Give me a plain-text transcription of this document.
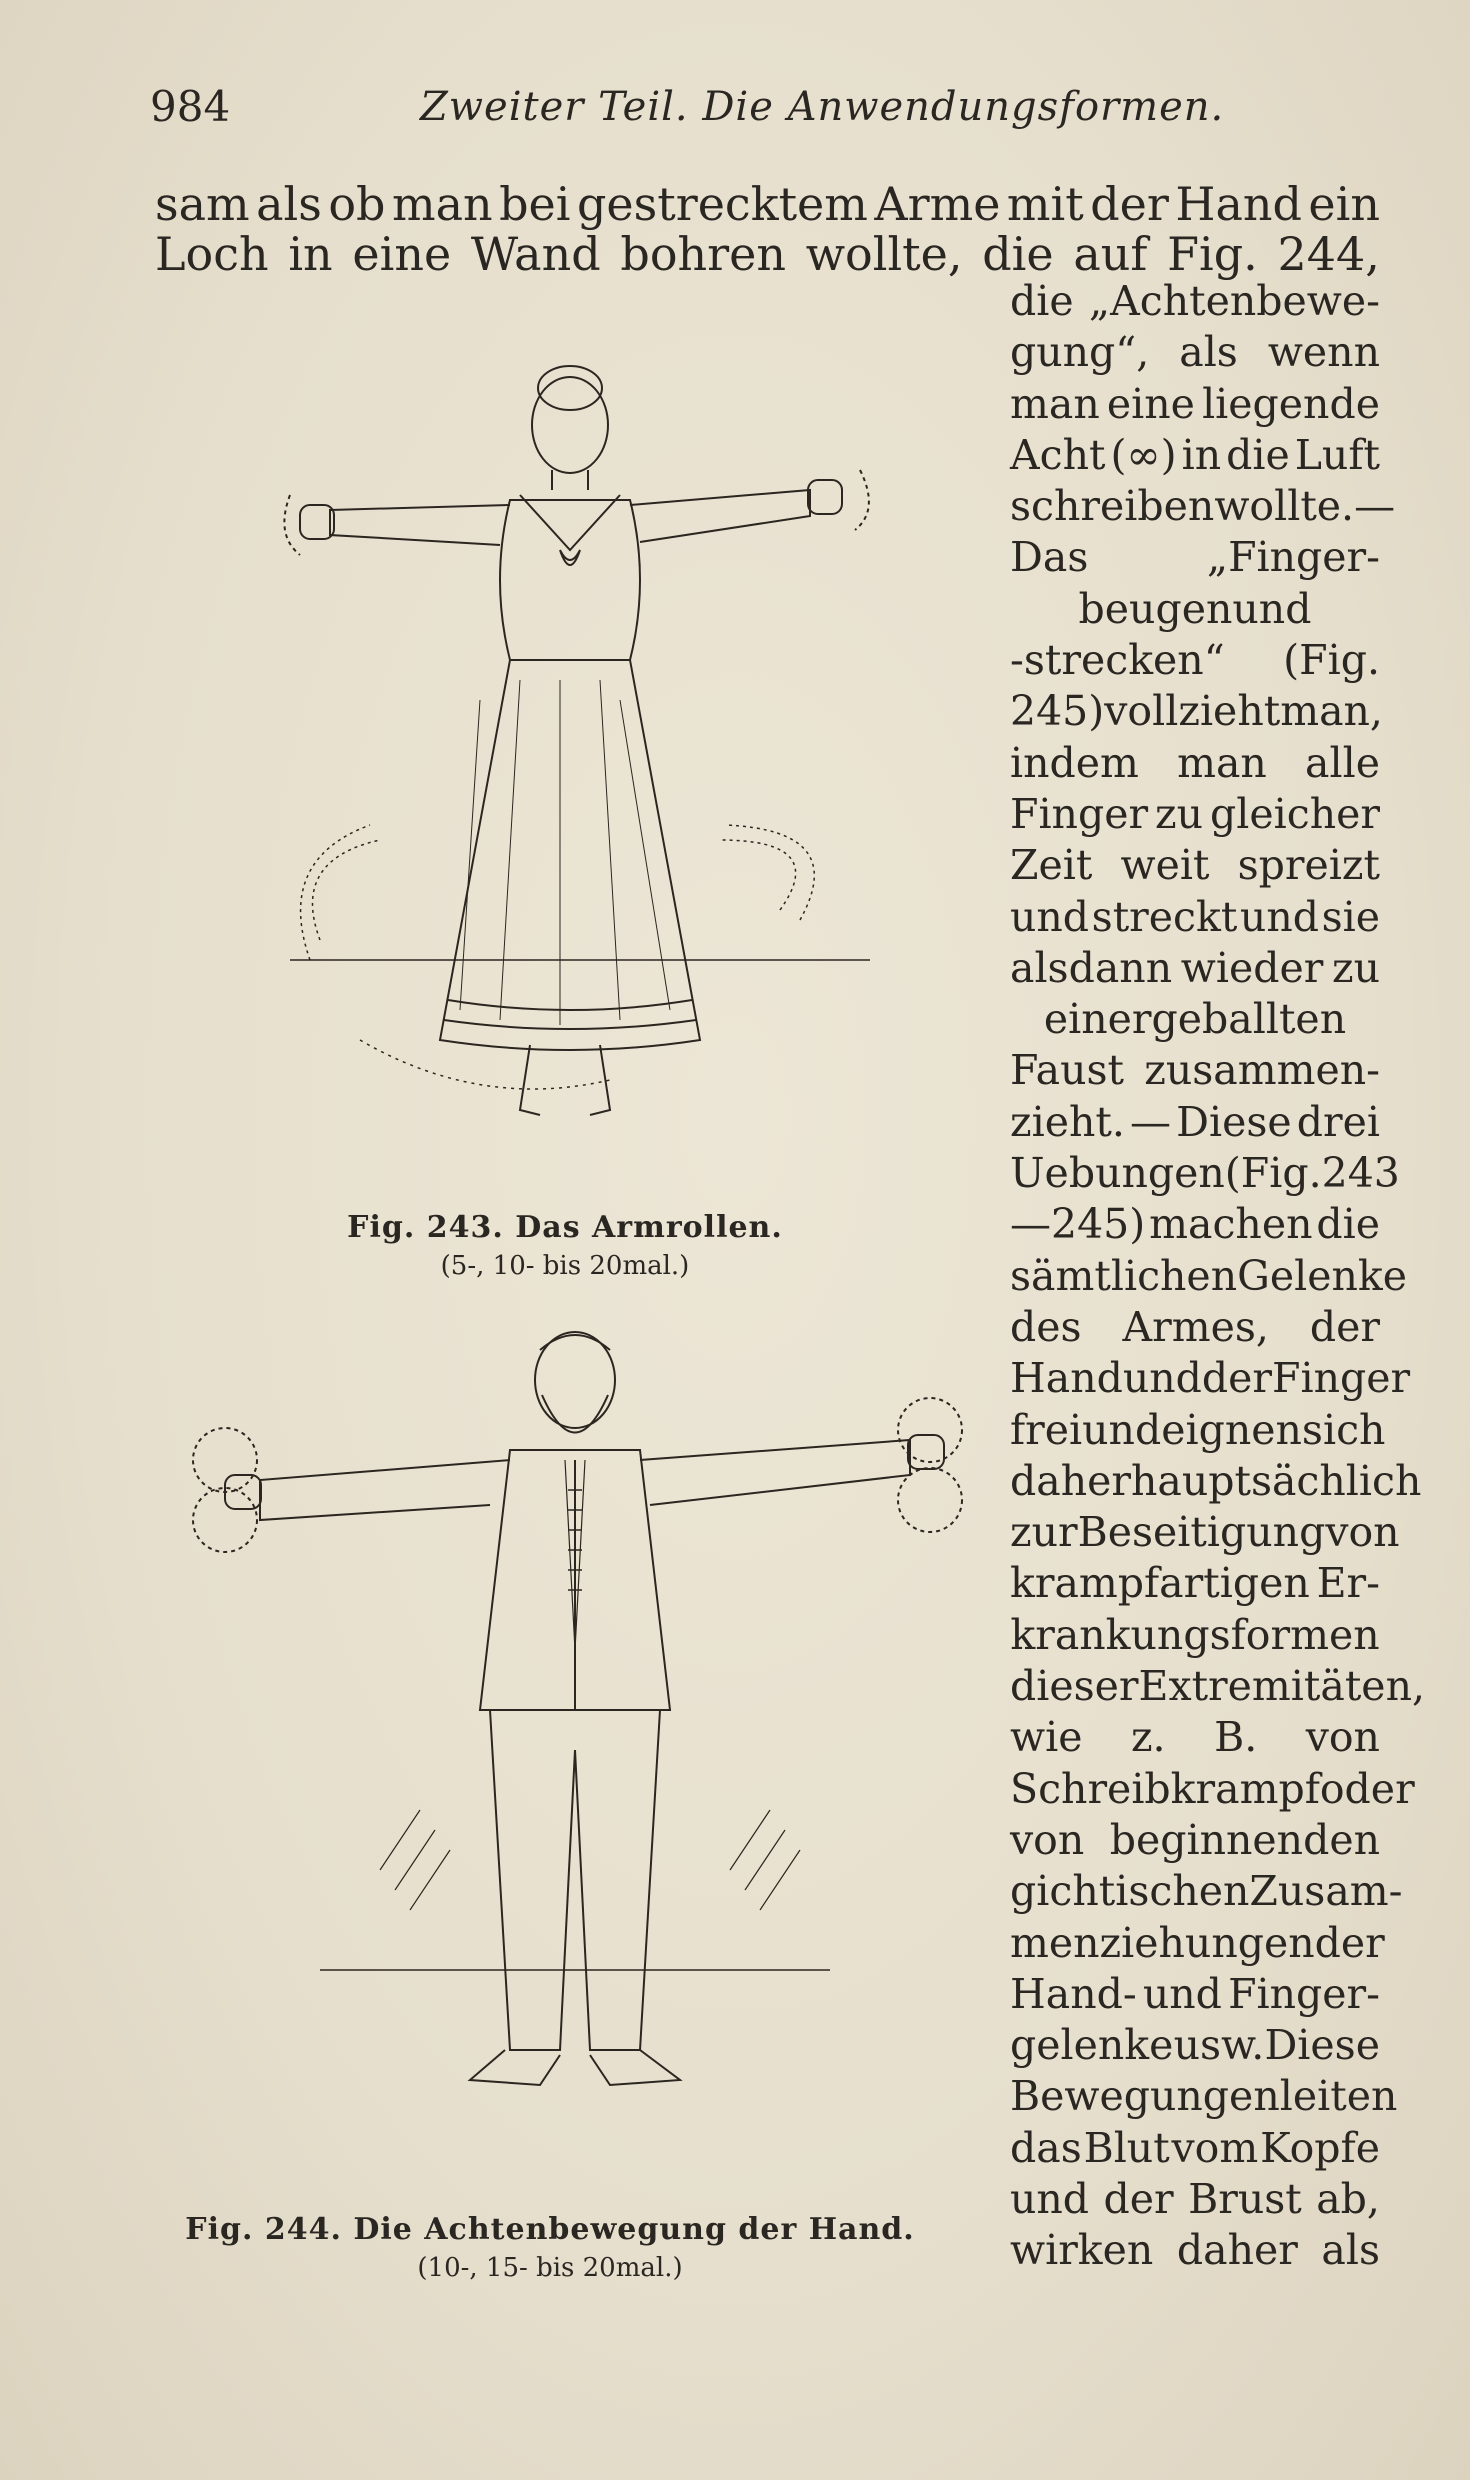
984	Zweiter Teil. Die Anwendungsformen.
sam als ob man bei gestrecktem Arme mit der Hand ein
Loch in eine Wand bohren wollte, die auf Fig. 244,
die „Achtenbewe-
gung“, als wenn
man eine liegende
Acht (∞) in die Luft
schreiben wollte. —
Das	„Finger-
beugen und
-strecken“ (Fig.
245) vollzieht man,
indem man alle
Finger zu gleicher
Zeit weit spreizt
und streckt und sie
alsdann wieder zu
einer geballten
Faust zusammen-
zieht. — Diese drei
Uebungen (Fig. 243
—245) machen die
sämtlichen Gelenke
des Armes, der
Hand und der Finger
frei und eignen sich
daher hauptsächlich
zur Beseitigung von
krampfartigen Er-
krankungsformen
dieser Extremitäten,
wie z. B. von
Schreibkrampf oder
von beginnenden
gichtischen Zusam-
menziehungen der
Hand- und Finger-
gelenke usw. Diese
Bewegungen leiten
das Blut vom Kopfe
und der Brust ab,
wirken daher als
Fig. 243. Das Armrollen.
(5-, 10- bis 20mal.)
Fig. 244. Die Achtenbewegung der Hand.
(10-, 15- bis 20mal.)
